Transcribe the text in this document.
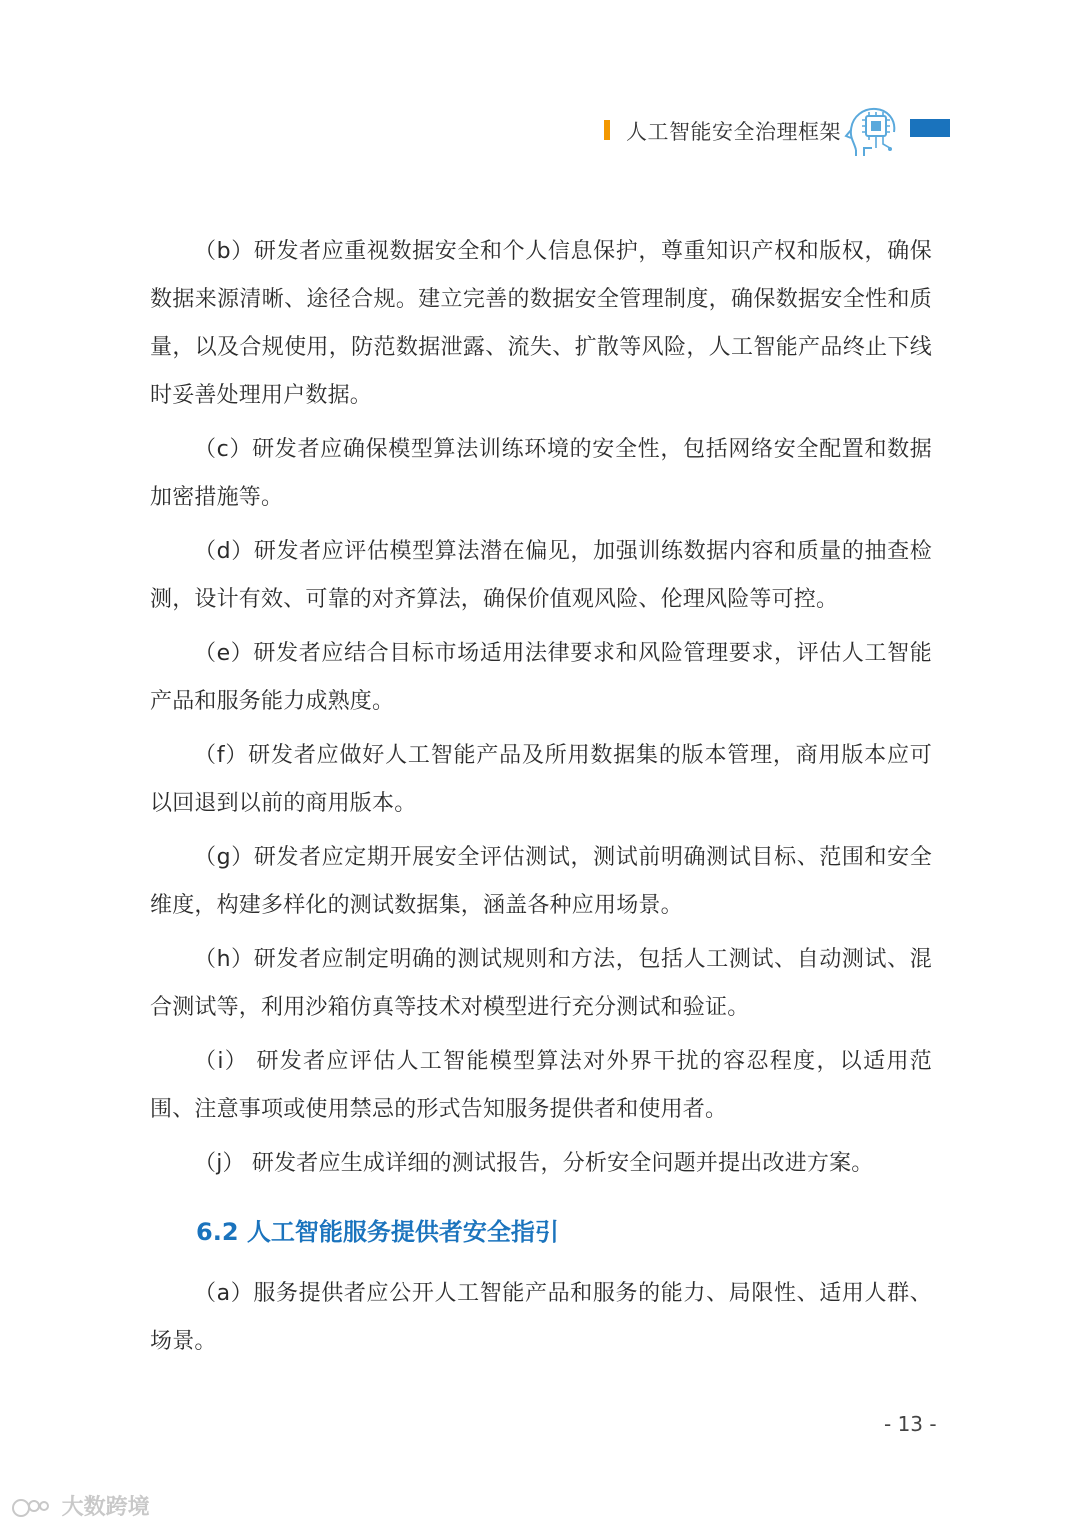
人工智能安全治理框架

（b）研发者应重视数据安全和个人信息保护，尊重知识产权和版权，确保数据来源清晰、途径合规。建立完善的数据安全管理制度，确保数据安全性和质量，以及合规使用，防范数据泄露、流失、扩散等风险，人工智能产品终止下线时妥善处理用户数据。

（c）研发者应确保模型算法训练环境的安全性，包括网络安全配置和数据加密措施等。

（d）研发者应评估模型算法潜在偏见，加强训练数据内容和质量的抽查检测，设计有效、可靠的对齐算法，确保价值观风险、伦理风险等可控。

（e）研发者应结合目标市场适用法律要求和风险管理要求，评估人工智能产品和服务能力成熟度。

（f）研发者应做好人工智能产品及所用数据集的版本管理，商用版本应可以回退到以前的商用版本。

（g）研发者应定期开展安全评估测试，测试前明确测试目标、范围和安全维度，构建多样化的测试数据集，涵盖各种应用场景。

（h）研发者应制定明确的测试规则和方法，包括人工测试、自动测试、混合测试等，利用沙箱仿真等技术对模型进行充分测试和验证。

（i） 研发者应评估人工智能模型算法对外界干扰的容忍程度，以适用范围、注意事项或使用禁忌的形式告知服务提供者和使用者。

（j） 研发者应生成详细的测试报告，分析安全问题并提出改进方案。

6.2 人工智能服务提供者安全指引

（a）服务提供者应公开人工智能产品和服务的能力、局限性、适用人群、场景。

- 13 -
大数跨境
